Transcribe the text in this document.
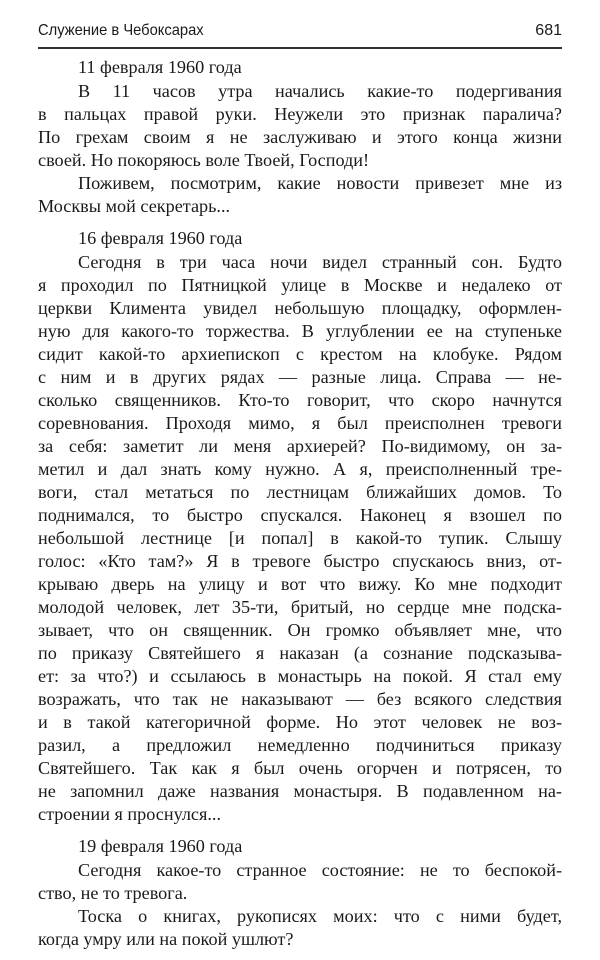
Служение в Чебоксарах	681
11 февраля 1960 года
В 11 часов утра начались какие-то подергивания
в пальцах правой руки. Неужели это признак паралича?
По грехам своим я не заслуживаю и этого конца жизни
своей. Но покоряюсь воле Твоей, Господи!
Поживем, посмотрим, какие новости привезет мне из
Москвы мой секретарь...
16 февраля 1960 года
Сегодня в три часа ночи видел странный сон. Будто
я проходил по Пятницкой улице в Москве и недалеко от
церкви Климента увидел небольшую площадку, оформлен-
ную для какого-то торжества. В углублении ее на ступеньке
сидит какой-то архиепископ с крестом на клобуке. Рядом
с ним и в других рядах — разные лица. Справа — не-
сколько священников. Кто-то говорит, что скоро начнутся
соревнования. Проходя мимо, я был преисполнен тревоги
за себя: заметит ли меня архиерей? По-видимому, он за-
метил и дал знать кому нужно. А я, преисполненный тре-
воги, стал метаться по лестницам ближайших домов. То
поднимался, то быстро спускался. Наконец я взошел по
небольшой лестнице [и попал] в какой-то тупик. Слышу
голос: «Кто там?» Я в тревоге быстро спускаюсь вниз, от-
крываю дверь на улицу и вот что вижу. Ко мне подходит
молодой человек, лет 35-ти, бритый, но сердце мне подска-
зывает, что он священник. Он громко объявляет мне, что
по приказу Святейшего я наказан (а сознание подсказыва-
ет: за что?) и ссылаюсь в монастырь на покой. Я стал ему
возражать, что так не наказывают — без всякого следствия
и в такой категоричной форме. Но этот человек не воз-
разил, а предложил немедленно подчиниться приказу
Святейшего. Так как я был очень огорчен и потрясен, то
не запомнил даже названия монастыря. В подавленном на-
строении я проснулся...
19 февраля 1960 года
Сегодня какое-то странное состояние: не то беспокой-
ство, не то тревога.
Тоска о книгах, рукописях моих: что с ними будет,
когда умру или на покой ушлют?
